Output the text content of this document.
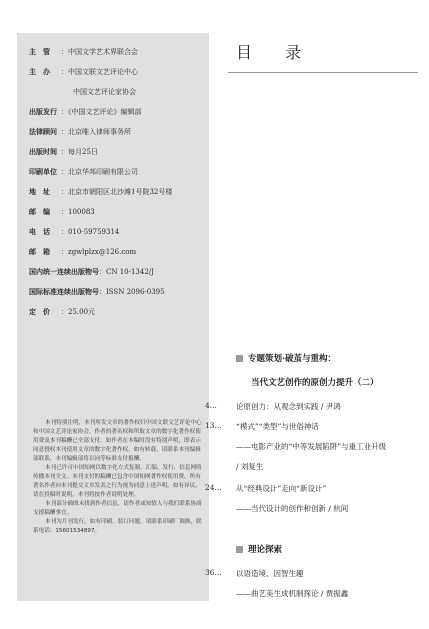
主　管 ：中国文学艺术界联合会
主　办 ：中国文联文艺评论中心
中国文艺评论家协会
出版发行 ：《中国文艺评论》编辑部
法律顾问 ：北京唯入律师事务所
出版时间 ：每月25日
印刷单位 ：北京华邦印刷有限公司
地　址 ：北京市朝阳区北沙滩1号院32号楼
邮　编 ：100083
电　话 ：010-59759314
邮　箱 ：zgwlplzx@126.com
国内统一连续出版物号：CN 10-1342/J
国际标准连续出版物号：ISSN 2096-0395
定　价 ：25.00元

本刊特别注明，本刊所发文章的著作权归中国文联文艺评论中心和中国文艺评论家协会，作者的著名权和所取文章的数字化著作权使用费及本刊稿酬已全部支付。如作者在本稿时没有特别声明，即表示同意授权本刊使用文章的数字化著作权。如有转载，请联系本刊编辑部联系，本刊编辑部将以同等标准支付报酬。

本刊已许可中国知网以数字化方式复制、汇编、发行、信息网络传播本刊全文。本刊支付的稿酬已包含中国知网著作权使用费，所有著名作者向本刊提交文章发表之行为视为同意上述声明。如有异议，请在投稿时说明，本刊将按作者说明处理。

本刊部分插图未找到作者信息，请作者或知情人与我们联系协商支援稿酬事宜。

本刊为月刊发行，如有印刷、装订问题，请联系印刷厂调换，联系电话：15601534897。

目 录
专题策划·破茧与重构：
当代文艺创作的原创力提升（二）
4...	论原创力：从观念到实践 / 尹鸿
13...	“模式”“类型”与世俗神话
——电影产业的“中等发展陷阱”与重工业升级
/ 刘复生
24...	从“经典设计”走向“新设计”
——当代设计的创作和创新 / 杭间
理论探索
36...	以语造境、因智生趣
——曲艺美生成机制探论 / 贾振鑫
